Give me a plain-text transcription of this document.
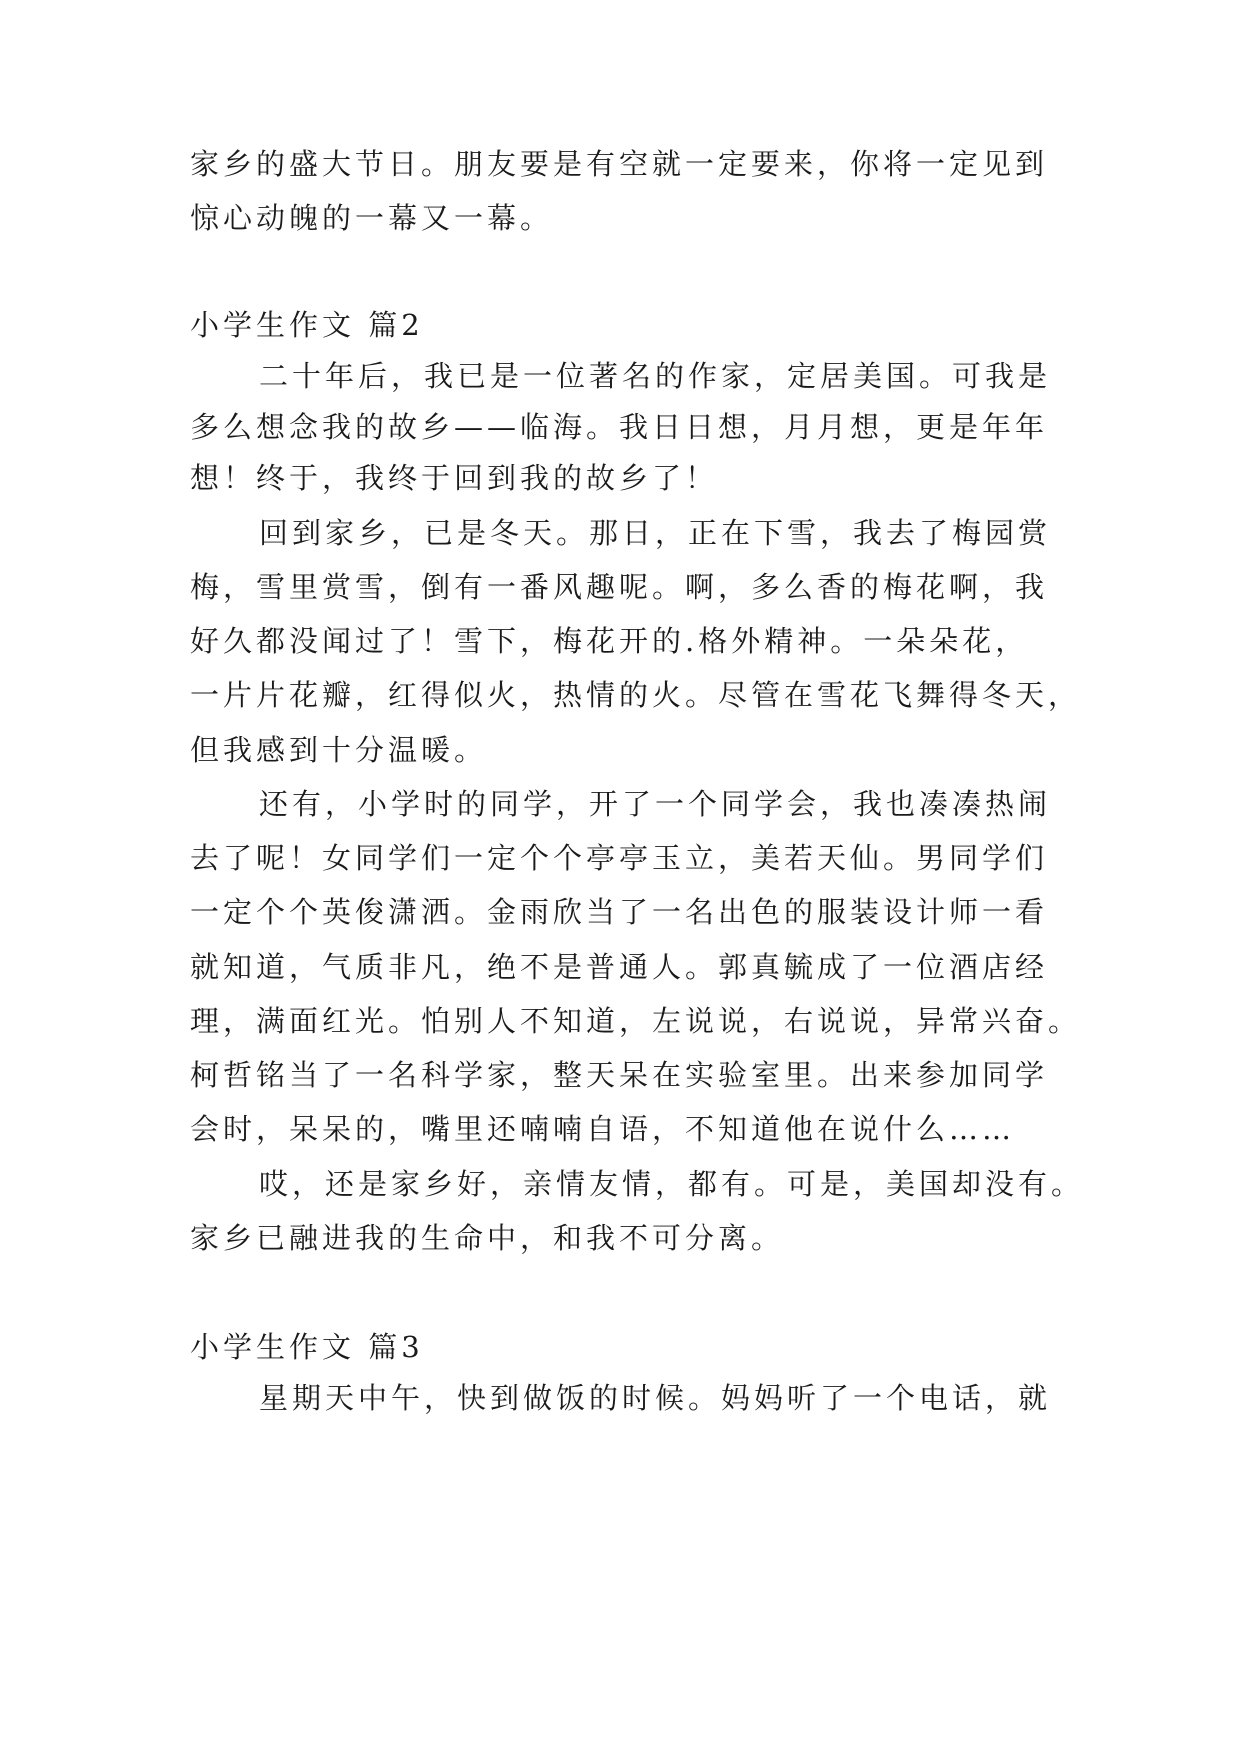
家乡的盛大节日。朋友要是有空就一定要来，你将一定见到
惊心动魄的一幕又一幕。
小学生作文 篇2
二十年后，我已是一位著名的作家，定居美国。可我是
多么想念我的故乡——临海。我日日想，月月想，更是年年
想！终于，我终于回到我的故乡了！
回到家乡，已是冬天。那日，正在下雪，我去了梅园赏
梅，雪里赏雪，倒有一番风趣呢。啊，多么香的梅花啊，我
好久都没闻过了！雪下，梅花开的.格外精神。一朵朵花，
一片片花瓣，红得似火，热情的火。尽管在雪花飞舞得冬天，
但我感到十分温暖。
还有，小学时的同学，开了一个同学会，我也凑凑热闹
去了呢！女同学们一定个个亭亭玉立，美若天仙。男同学们
一定个个英俊潇洒。金雨欣当了一名出色的服装设计师一看
就知道，气质非凡，绝不是普通人。郭真毓成了一位酒店经
理，满面红光。怕别人不知道，左说说，右说说，异常兴奋。
柯哲铭当了一名科学家，整天呆在实验室里。出来参加同学
会时，呆呆的，嘴里还喃喃自语，不知道他在说什么……
哎，还是家乡好，亲情友情，都有。可是，美国却没有。
家乡已融进我的生命中，和我不可分离。
小学生作文 篇3
星期天中午，快到做饭的时候。妈妈听了一个电话，就
